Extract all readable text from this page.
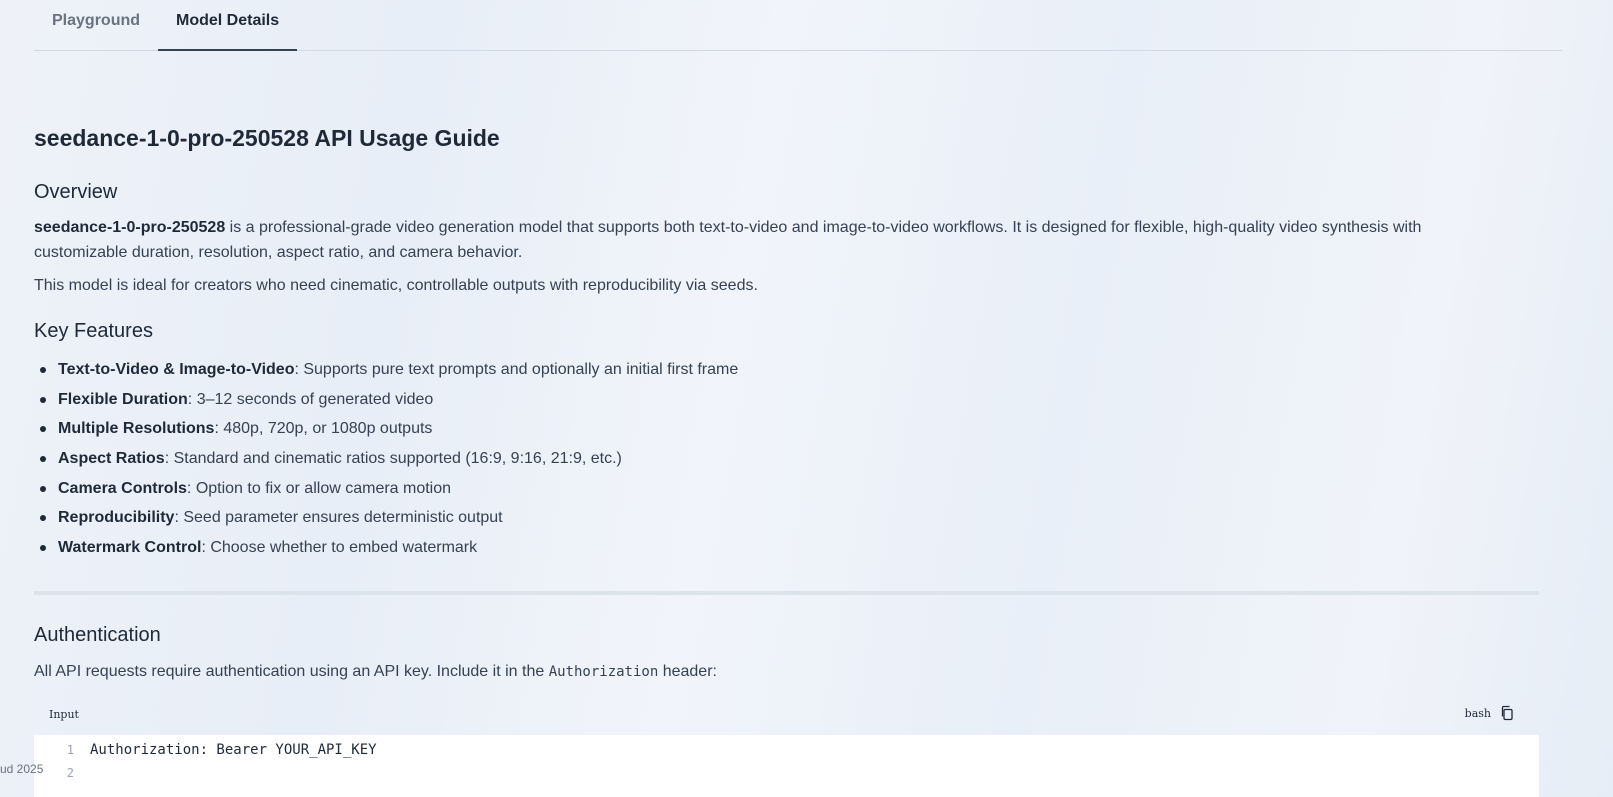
Playground	Model Details
seedance-1-0-pro-250528 API Usage Guide
Overview

seedance-1-0-pro-250528 is a professional-grade video generation model that supports both text-to-video and image-to-video workflows. It is designed for flexible, high-quality video synthesis with customizable duration, resolution, aspect ratio, and camera behavior.

This model is ideal for creators who need cinematic, controllable outputs with reproducibility via seeds.

Key Features
Text-to-Video & Image-to-Video: Supports pure text prompts and optionally an initial first frame
Flexible Duration: 3–12 seconds of generated video
Multiple Resolutions: 480p, 720p, or 1080p outputs
Aspect Ratios: Standard and cinematic ratios supported (16:9, 9:16, 21:9, etc.)
Camera Controls: Option to fix or allow camera motion
Reproducibility: Seed parameter ensures deterministic output
Watermark Control: Choose whether to embed watermark
Authentication

All API requests require authentication using an API key. Include it in the Authorization header:

Input	bash
1 Authorization: Bearer YOUR_API_KEY
2
ud 2025
